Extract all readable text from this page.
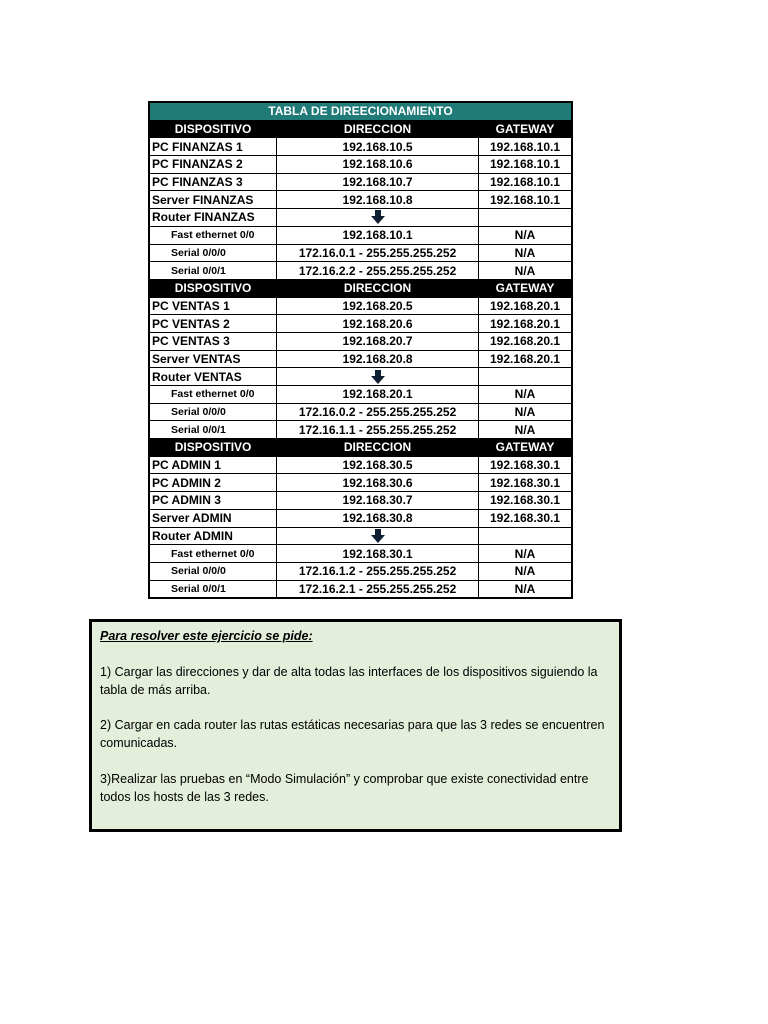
TABLA DE DIREECIONAMIENTO		
DISPOSITIVO	DIRECCION	GATEWAY
PC FINANZAS 1	192.168.10.5	192.168.10.1
PC FINANZAS 2	192.168.10.6	192.168.10.1
PC FINANZAS 3	192.168.10.7	192.168.10.1
Server FINANZAS	192.168.10.8	192.168.10.1
Router FINANZAS	

Fast ethernet 0/0	192.168.10.1	N/A
Serial 0/0/0	172.16.0.1 - 255.255.255.252	N/A
Serial 0/0/1	172.16.2.2 - 255.255.255.252	N/A
DISPOSITIVO	DIRECCION	GATEWAY
PC VENTAS 1	192.168.20.5	192.168.20.1
PC VENTAS 2	192.168.20.6	192.168.20.1
PC VENTAS 3	192.168.20.7	192.168.20.1
Server VENTAS	192.168.20.8	192.168.20.1
Router VENTAS	

Fast ethernet 0/0	192.168.20.1	N/A
Serial 0/0/0	172.16.0.2 - 255.255.255.252	N/A
Serial 0/0/1	172.16.1.1 - 255.255.255.252	N/A
DISPOSITIVO	DIRECCION	GATEWAY
PC ADMIN 1	192.168.30.5	192.168.30.1
PC ADMIN 2	192.168.30.6	192.168.30.1
PC ADMIN 3	192.168.30.7	192.168.30.1
Server ADMIN	192.168.30.8	192.168.30.1
Router ADMIN	

Fast ethernet 0/0	192.168.30.1	N/A
Serial 0/0/0	172.16.1.2 - 255.255.255.252	N/A
Serial 0/0/1	172.16.2.1 - 255.255.255.252	N/A
Para resolver este ejercicio se pide:
1) Cargar las direcciones y dar de alta todas las interfaces de los dispositivos siguiendo la tabla de más arriba.
2) Cargar en cada router las rutas estáticas necesarias para que las 3 redes se encuentren comunicadas.
3)Realizar las pruebas en “Modo Simulación” y comprobar que existe conectividad entre todos los hosts de las 3 redes.
